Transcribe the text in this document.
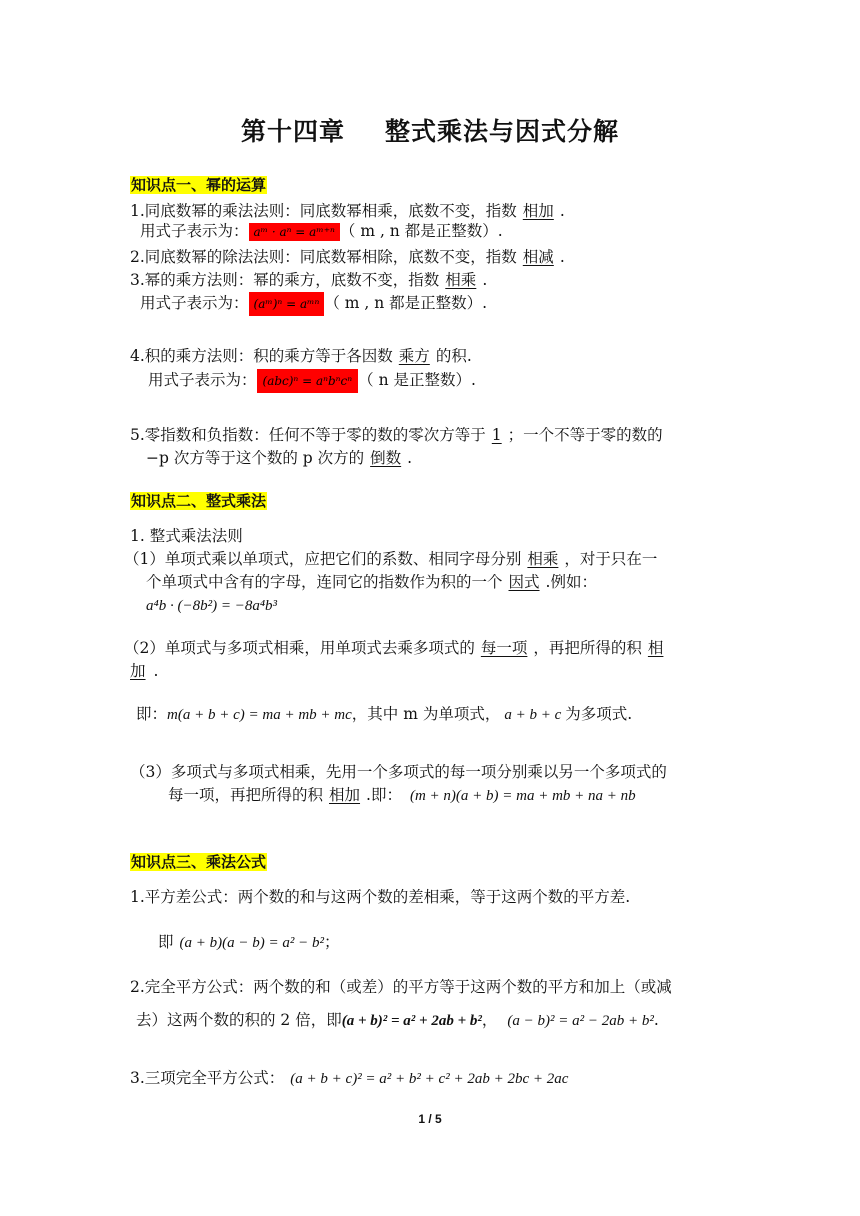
第十四章 整式乘法与因式分解
知识点一、幂的运算
1.同底数幂的乘法法则：同底数幂相乘，底数不变，指数 相加 .
用式子表示为： aᵐ · aⁿ = aᵐ⁺ⁿ （ m , n 都是正整数）.
2.同底数幂的除法法则：同底数幂相除，底数不变，指数 相减 .
3.幂的乘方法则：幂的乘方，底数不变，指数 相乘 .
用式子表示为： (aᵐ)ⁿ = aᵐⁿ （ m , n 都是正整数）.
4.积的乘方法则：积的乘方等于各因数 乘方 的积.
用式子表示为： (abc)ⁿ = aⁿbⁿcⁿ （ n 是正整数）.
5.零指数和负指数：任何不等于零的数的零次方等于 1 ；一个不等于零的数的
−p 次方等于这个数的 p 次方的 倒数 .
知识点二、整式乘法
1. 整式乘法法则
（1）单项式乘以单项式，应把它们的系数、相同字母分别 相乘 ，对于只在一
个单项式中含有的字母，连同它的指数作为积的一个 因式 .例如：
a⁴b · (−8b²) = −8a⁴b³
（2）单项式与多项式相乘，用单项式去乘多项式的 每一项 ，再把所得的积 相
加 .
即：m(a + b + c) = ma + mb + mc，其中 m 为单项式， a + b + c 为多项式.
（3）多项式与多项式相乘，先用一个多项式的每一项分别乘以另一个多项式的
每一项，再把所得的积 相加 .即： (m + n)(a + b) = ma + mb + na + nb
知识点三、乘法公式
1.平方差公式：两个数的和与这两个数的差相乘，等于这两个数的平方差.
即 (a + b)(a − b) = a² − b²；
2.完全平方公式：两个数的和（或差）的平方等于这两个数的平方和加上（或减
去）这两个数的积的 2 倍，即(a + b)² = a² + 2ab + b²， (a − b)² = a² − 2ab + b².
3.三项完全平方公式： (a + b + c)² = a² + b² + c² + 2ab + 2bc + 2ac
1 / 5
